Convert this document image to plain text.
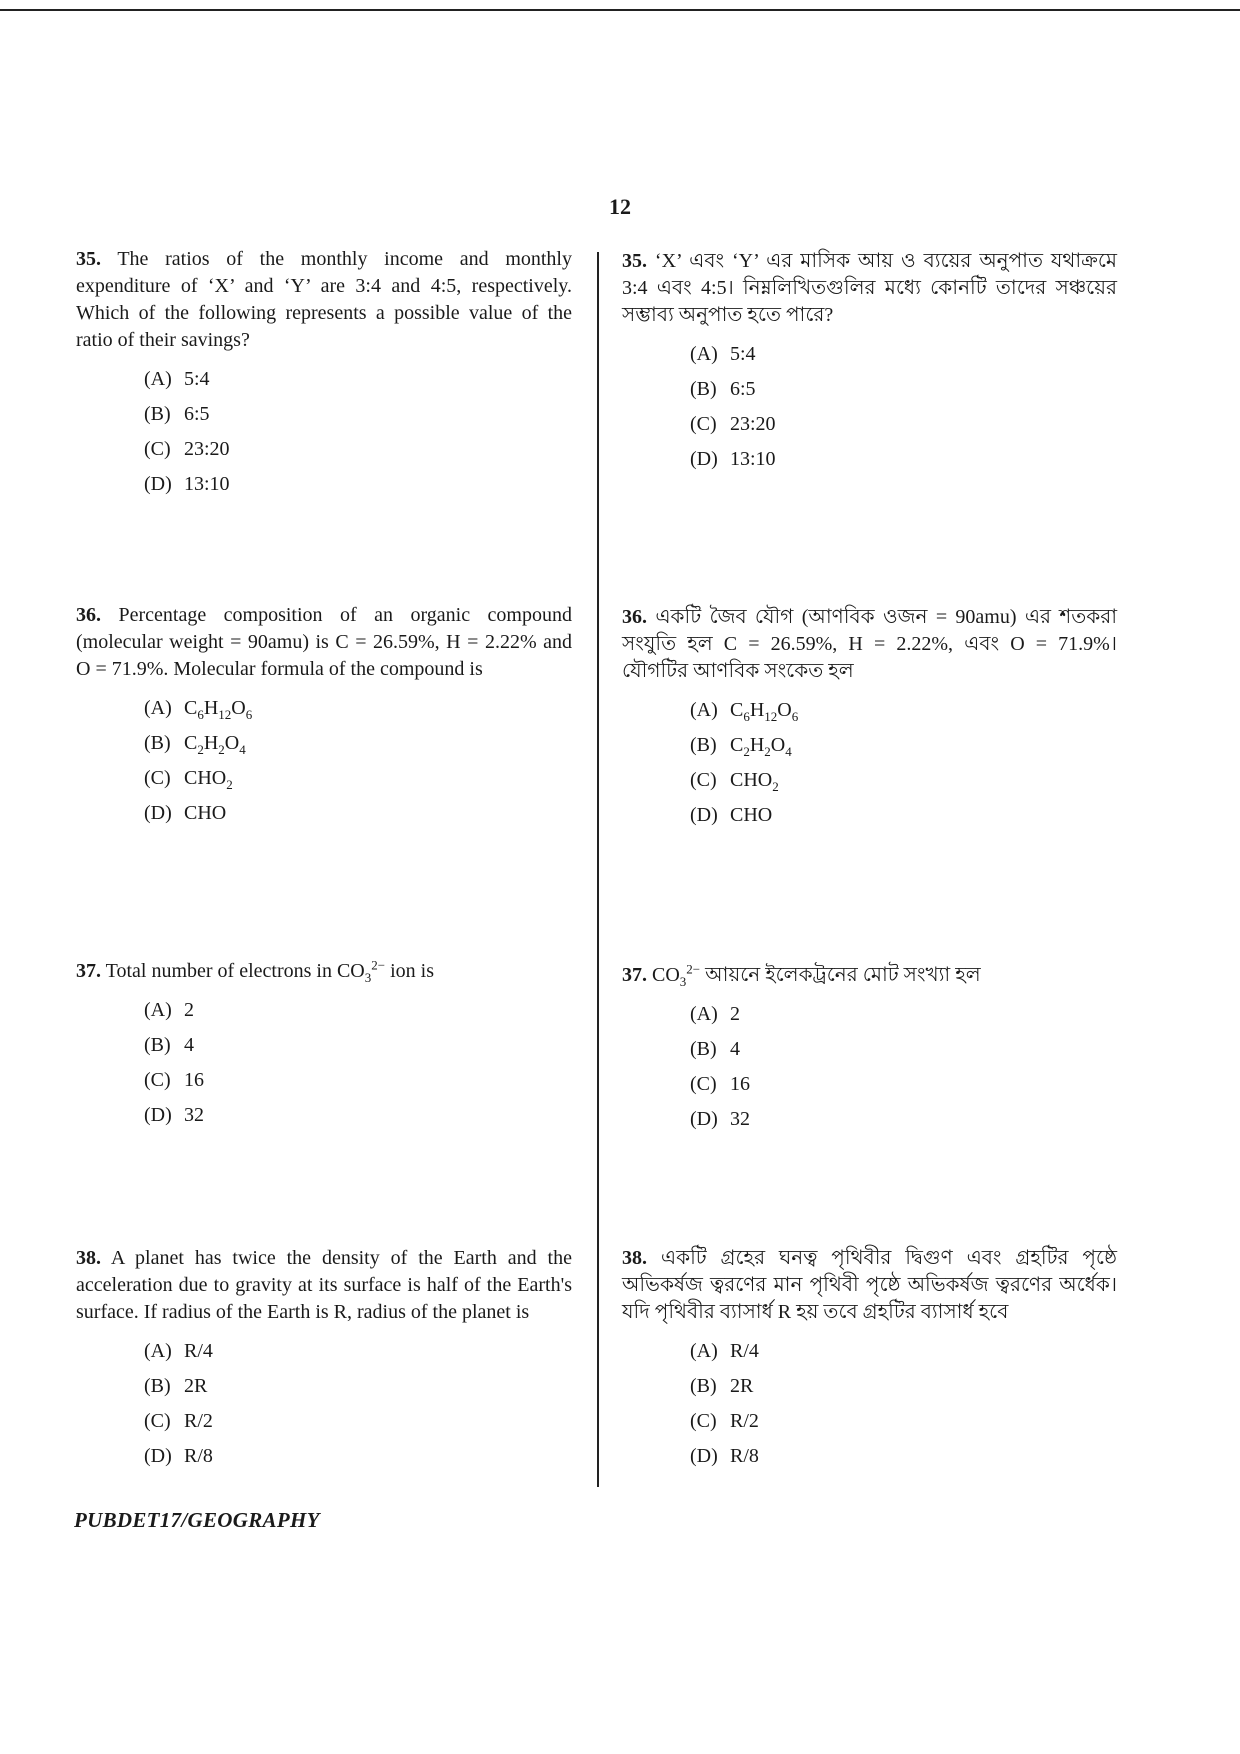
12

35. The ratios of the monthly income and monthly expenditure of ‘X’ and ‘Y’ are 3:4 and 4:5, respectively. Which of the following represents a possible value of the ratio of their savings?

(A) 5:4
(B) 6:5
(C) 23:20
(D) 13:10

36. Percentage composition of an organic compound (molecular weight = 90amu) is C = 26.59%, H = 2.22% and O = 71.9%. Molecular formula of the compound is

(A) $C_6H_{12}O_6$
(B) $C_2H_2O_4$
(C) $CHO_2$
(D) CHO

37. Total number of electrons in $CO_3^{2-}$ ion is

(A) 2
(B) 4
(C) 16
(D) 32

38. A planet has twice the density of the Earth and the acceleration due to gravity at its surface is half of the Earth's surface. If radius of the Earth is R, radius of the planet is

(A) R/4
(B) 2R
(C) R/2
(D) R/8

35. ‘X’ এবং ‘Y’ এর মাসিক আয় ও ব্যয়ের অনুপাত যথাক্রমে 3:4 এবং 4:5। নিম্নলিখিতগুলির মধ্যে কোনটি তাদের সঞ্চয়ের সম্ভাব্য অনুপাত হতে পারে?

(A) 5:4
(B) 6:5
(C) 23:20
(D) 13:10

36. একটি জৈব যৌগ (আণবিক ওজন = 90amu) এর শতকরা সংযুতি হল C = 26.59%, H = 2.22%, এবং O = 71.9%। যৌগটির আণবিক সংকেত হল

(A) $C_6H_{12}O_6$
(B) $C_2H_2O_4$
(C) $CHO_2$
(D) CHO

37. $CO_3^{2-}$ আয়নে ইলেকট্রনের মোট সংখ্যা হল

(A) 2
(B) 4
(C) 16
(D) 32

38. একটি গ্রহের ঘনত্ব পৃথিবীর দ্বিগুণ এবং গ্রহটির পৃষ্ঠে অভিকর্ষজ ত্বরণের মান পৃথিবী পৃষ্ঠে অভিকর্ষজ ত্বরণের অর্ধেক। যদি পৃথিবীর ব্যাসার্ধ R হয় তবে গ্রহটির ব্যাসার্ধ হবে

(A) R/4
(B) 2R
(C) R/2
(D) R/8
PUBDET17/GEOGRAPHY
